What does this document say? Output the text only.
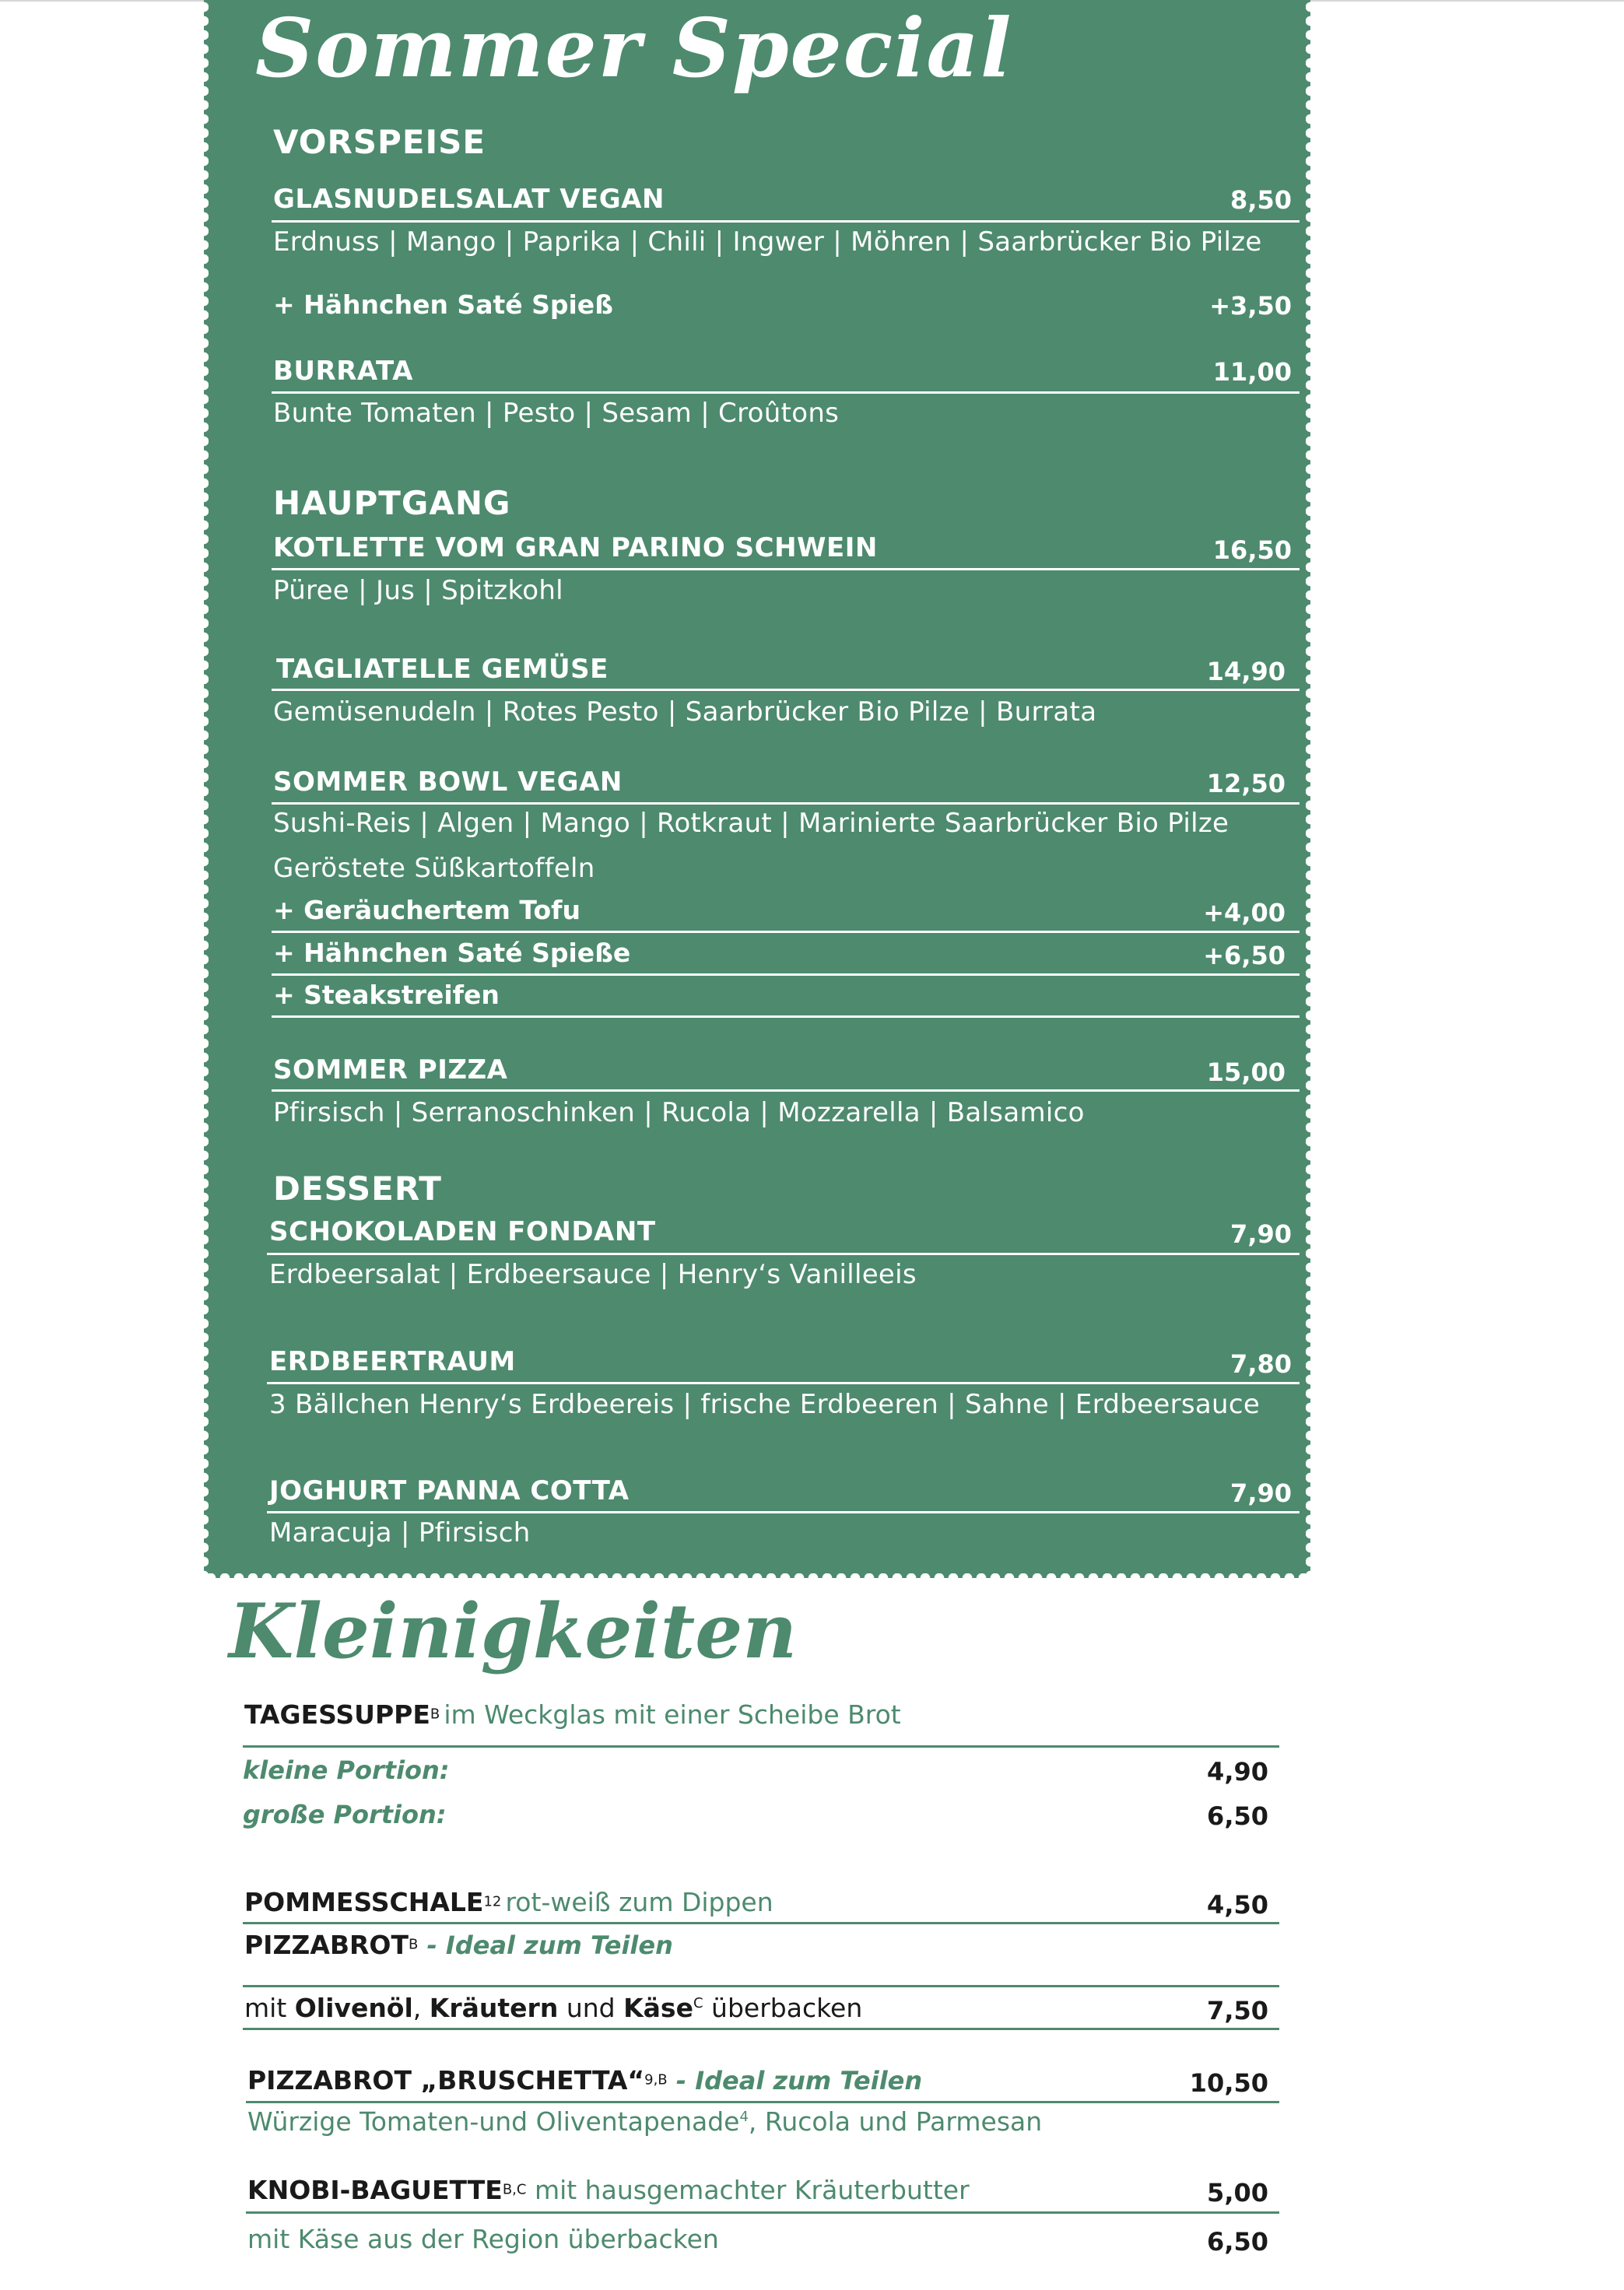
Sommer Special
VORSPEISE
GLASNUDELSALAT VEGAN	8,50
Erdnuss | Mango | Paprika | Chili | Ingwer | Möhren | Saarbrücker Bio Pilze
+ Hähnchen Saté Spieß	+3,50
BURRATA	11,00
Bunte Tomaten | Pesto | Sesam | Croûtons
HAUPTGANG
KOTLETTE VOM GRAN PARINO SCHWEIN	16,50
Püree | Jus | Spitzkohl
TAGLIATELLE GEMÜSE	14,90
Gemüsenudeln | Rotes Pesto | Saarbrücker Bio Pilze | Burrata
SOMMER BOWL VEGAN	12,50
Sushi-Reis | Algen | Mango | Rotkraut | Marinierte Saarbrücker Bio Pilze
Geröstete Süßkartoffeln
+ Geräuchertem Tofu	+4,00
+ Hähnchen Saté Spieße	+6,50
+ Steakstreifen
SOMMER PIZZA	15,00
Pfirsisch | Serranoschinken | Rucola | Mozzarella | Balsamico
DESSERT
SCHOKOLADEN FONDANT	7,90
Erdbeersalat | Erdbeersauce | Henry‘s Vanilleeis
ERDBEERTRAUM	7,80
3 Bällchen Henry‘s Erdbeereis | frische Erdbeeren | Sahne | Erdbeersauce
JOGHURT PANNA COTTA	7,90
Maracuja | Pfirsisch
Kleinigkeiten
$TAGESSUPPE^B$ im Weckglas mit einer Scheibe Brot
kleine Portion:	4,90
große Portion:	6,50
POMMESSCHALE$^{12}$ rot-weiß zum Dippen	4,50
$PIZZABROT^B$ - Ideal zum Teilen
mit Olivenöl, Kräutern und Käse$^C$ überbacken	7,50
PIZZABROT „BRUSCHETTA“$^{9,B}$ - Ideal zum Teilen	10,50
Würzige Tomaten-und Oliventapenade$^4$, Rucola und Parmesan
KNOBI-$BAGUETTE^{B,C}$ mit hausgemachter Kräuterbutter	5,00
mit Käse aus der Region überbacken	6,50
